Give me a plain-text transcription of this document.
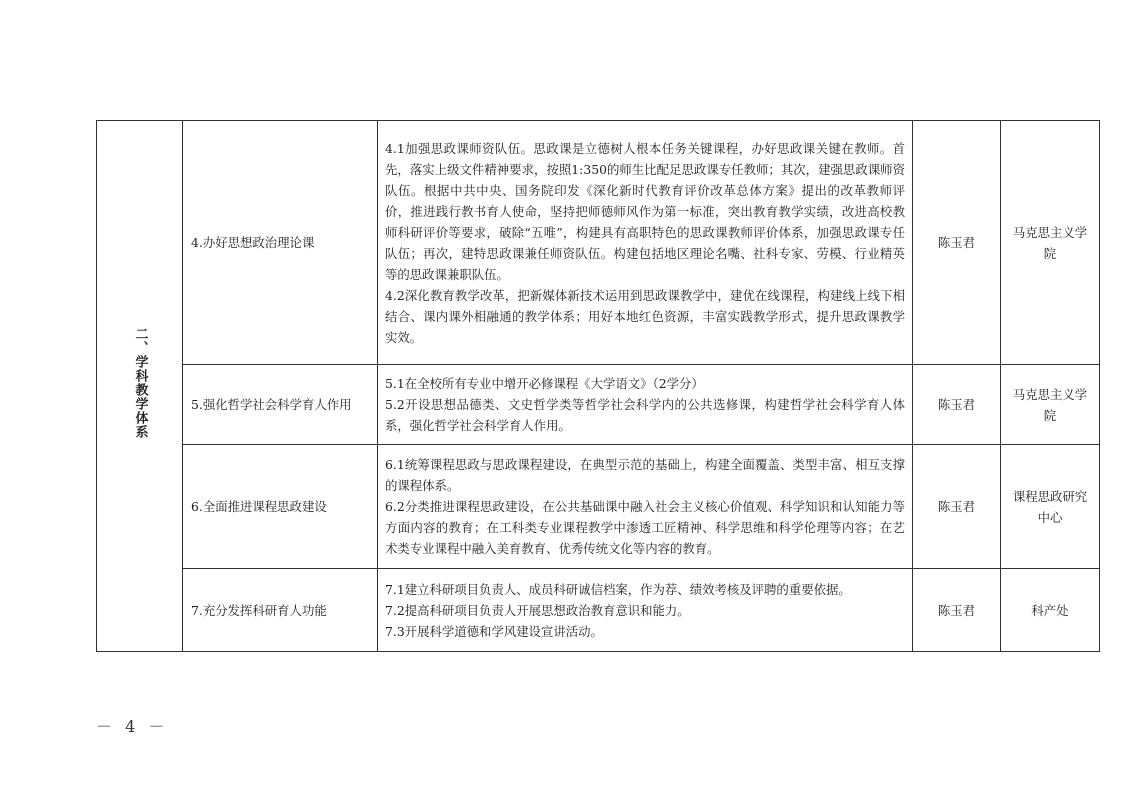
二、学科教学体系	4.办好思想政治理论课	4.1加强思政课师资队伍。思政课是立德树人根本任务关键课程，办好思政课关键在教师。首先，落实上级文件精神要求，按照1:350的师生比配足思政课专任教师；其次，建强思政课师资队伍。根据中共中央、国务院印发《深化新时代教育评价改革总体方案》提出的改革教师评价，推进践行教书育人使命，坚持把师德师风作为第一标准，突出教育教学实绩，改进高校教师科研评价等要求，破除“五唯”，构建具有高职特色的思政课教师评价体系，加强思政课专任队伍；再次，建特思政课兼任师资队伍。构建包括地区理论名嘴、社科专家、劳模、行业精英等的思政课兼职队伍。

4.2深化教育教学改革，把新媒体新技术运用到思政课教学中，建优在线课程，构建线上线下相结合、课内课外相融通的教学体系；用好本地红色资源，丰富实践教学形式，提升思政课教学实效。	陈玉君	马克思主义学院
	5.强化哲学社会科学育人作用	5.1在全校所有专业中增开必修课程《大学语文》（2学分）

5.2开设思想品德类、文史哲学类等哲学社会科学内的公共选修课，构建哲学社会科学育人体系，强化哲学社会科学育人作用。	陈玉君	马克思主义学院
	6.全面推进课程思政建设	6.1统筹课程思政与思政课程建设，在典型示范的基础上，构建全面覆盖、类型丰富、相互支撑的课程体系。

6.2分类推进课程思政建设，在公共基础课中融入社会主义核心价值观、科学知识和认知能力等方面内容的教育；在工科类专业课程教学中渗透工匠精神、科学思维和科学伦理等内容；在艺术类专业课程中融入美育教育、优秀传统文化等内容的教育。	陈玉君	课程思政研究中心
	7.充分发挥科研育人功能	7.1建立科研项目负责人、成员科研诚信档案，作为荐、绩效考核及评聘的重要依据。

7.2提高科研项目负责人开展思想政治教育意识和能力。

7.3开展科学道德和学风建设宣讲活动。	陈玉君	科产处
－ 4 －
